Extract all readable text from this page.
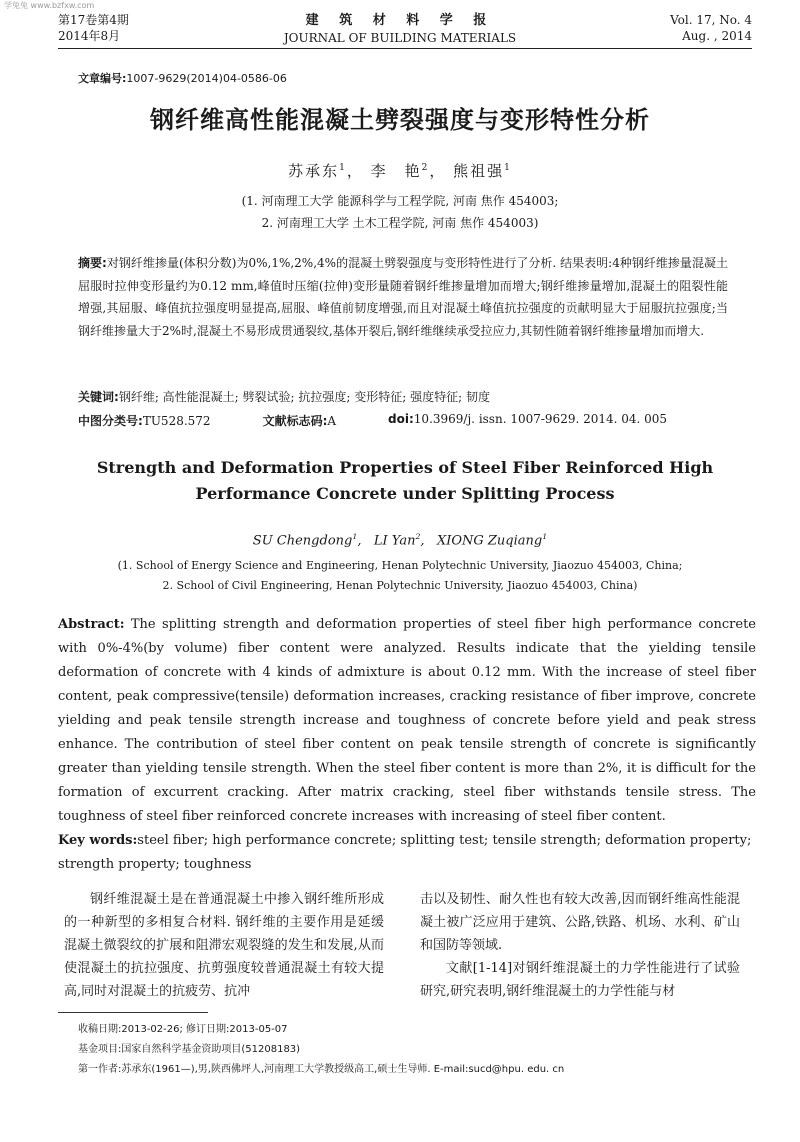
学兔兔 www.bzfxw.com
第17卷第4期
2014年8月
建 筑 材 料 学 报
JOURNAL OF BUILDING MATERIALS
Vol. 17, No. 4
Aug. , 2014
文章编号:1007-9629(2014)04-0586-06
钢纤维高性能混凝土劈裂强度与变形特性分析
苏承东$^1$， 李　艳$^2$， 熊祖强$^1$
(1. 河南理工大学 能源科学与工程学院, 河南 焦作 454003;
2. 河南理工大学 土木工程学院, 河南 焦作 454003)
摘要:对钢纤维掺量(体积分数)为0%,1%,2%,4%的混凝土劈裂强度与变形特性进行了分析. 结果表明:4种钢纤维掺量混凝土屈服时拉伸变形量约为0.12 mm,峰值时压缩(拉伸)变形量随着钢纤维掺量增加而增大;钢纤维掺量增加,混凝土的阻裂性能增强,其屈服、峰值抗拉强度明显提高,屈服、峰值前韧度增强,而且对混凝土峰值抗拉强度的贡献明显大于屈服抗拉强度;当钢纤维掺量大于2%时,混凝土不易形成贯通裂纹,基体开裂后,钢纤维继续承受拉应力,其韧性随着钢纤维掺量增加而增大.
关键词:钢纤维; 高性能混凝土; 劈裂试验; 抗拉强度; 变形特征; 强度特征; 韧度
中图分类号:TU528.572	文献标志码:A	doi:10.3969/j. issn. 1007-9629. 2014. 04. 005
Strength and Deformation Properties of Steel Fiber Reinforced High Performance Concrete under Splitting Process
SU Chengdong$^1$,   LI Yan$^2$,   XIONG Zuqiang$^1$
(1. School of Energy Science and Engineering, Henan Polytechnic University, Jiaozuo 454003, China;
2. School of Civil Engineering, Henan Polytechnic University, Jiaozuo 454003, China)
Abstract: The splitting strength and deformation properties of steel fiber high performance concrete with 0%-4%(by volume) fiber content were analyzed. Results indicate that the yielding tensile deformation of concrete with 4 kinds of admixture is about 0.12 mm. With the increase of steel fiber content, peak compressive(tensile) deformation increases, cracking resistance of fiber improve, concrete yielding and peak tensile strength increase and toughness of concrete before yield and peak stress enhance. The contribution of steel fiber content on peak tensile strength of concrete is significantly greater than yielding tensile strength. When the steel fiber content is more than 2%, it is difficult for the formation of excurrent cracking. After matrix cracking, steel fiber withstands tensile stress. The toughness of steel fiber reinforced concrete increases with increasing of steel fiber content.
Key words:steel fiber; high performance concrete; splitting test; tensile strength; deformation property; strength property; toughness
钢纤维混凝土是在普通混凝土中掺入钢纤维所形成的一种新型的多相复合材料. 钢纤维的主要作用是延缓混凝土微裂纹的扩展和阻滞宏观裂缝的发生和发展,从而使混凝土的抗拉强度、抗剪强度较普通混凝土有较大提高,同时对混凝土的抗疲劳、抗冲

击以及韧性、耐久性也有较大改善,因而钢纤维高性能混凝土被广泛应用于建筑、公路,铁路、机场、水利、矿山和国防等领域.

文献[1-14]对钢纤维混凝土的力学性能进行了试验研究,研究表明,钢纤维混凝土的力学性能与材

收稿日期:2013-02-26; 修订日期:2013-05-07
基金项目:国家自然科学基金资助项目(51208183)
第一作者:苏承东(1961—),男,陕西佛坪人,河南理工大学教授级高工,硕士生导师. E-mail:sucd@hpu. edu. cn
